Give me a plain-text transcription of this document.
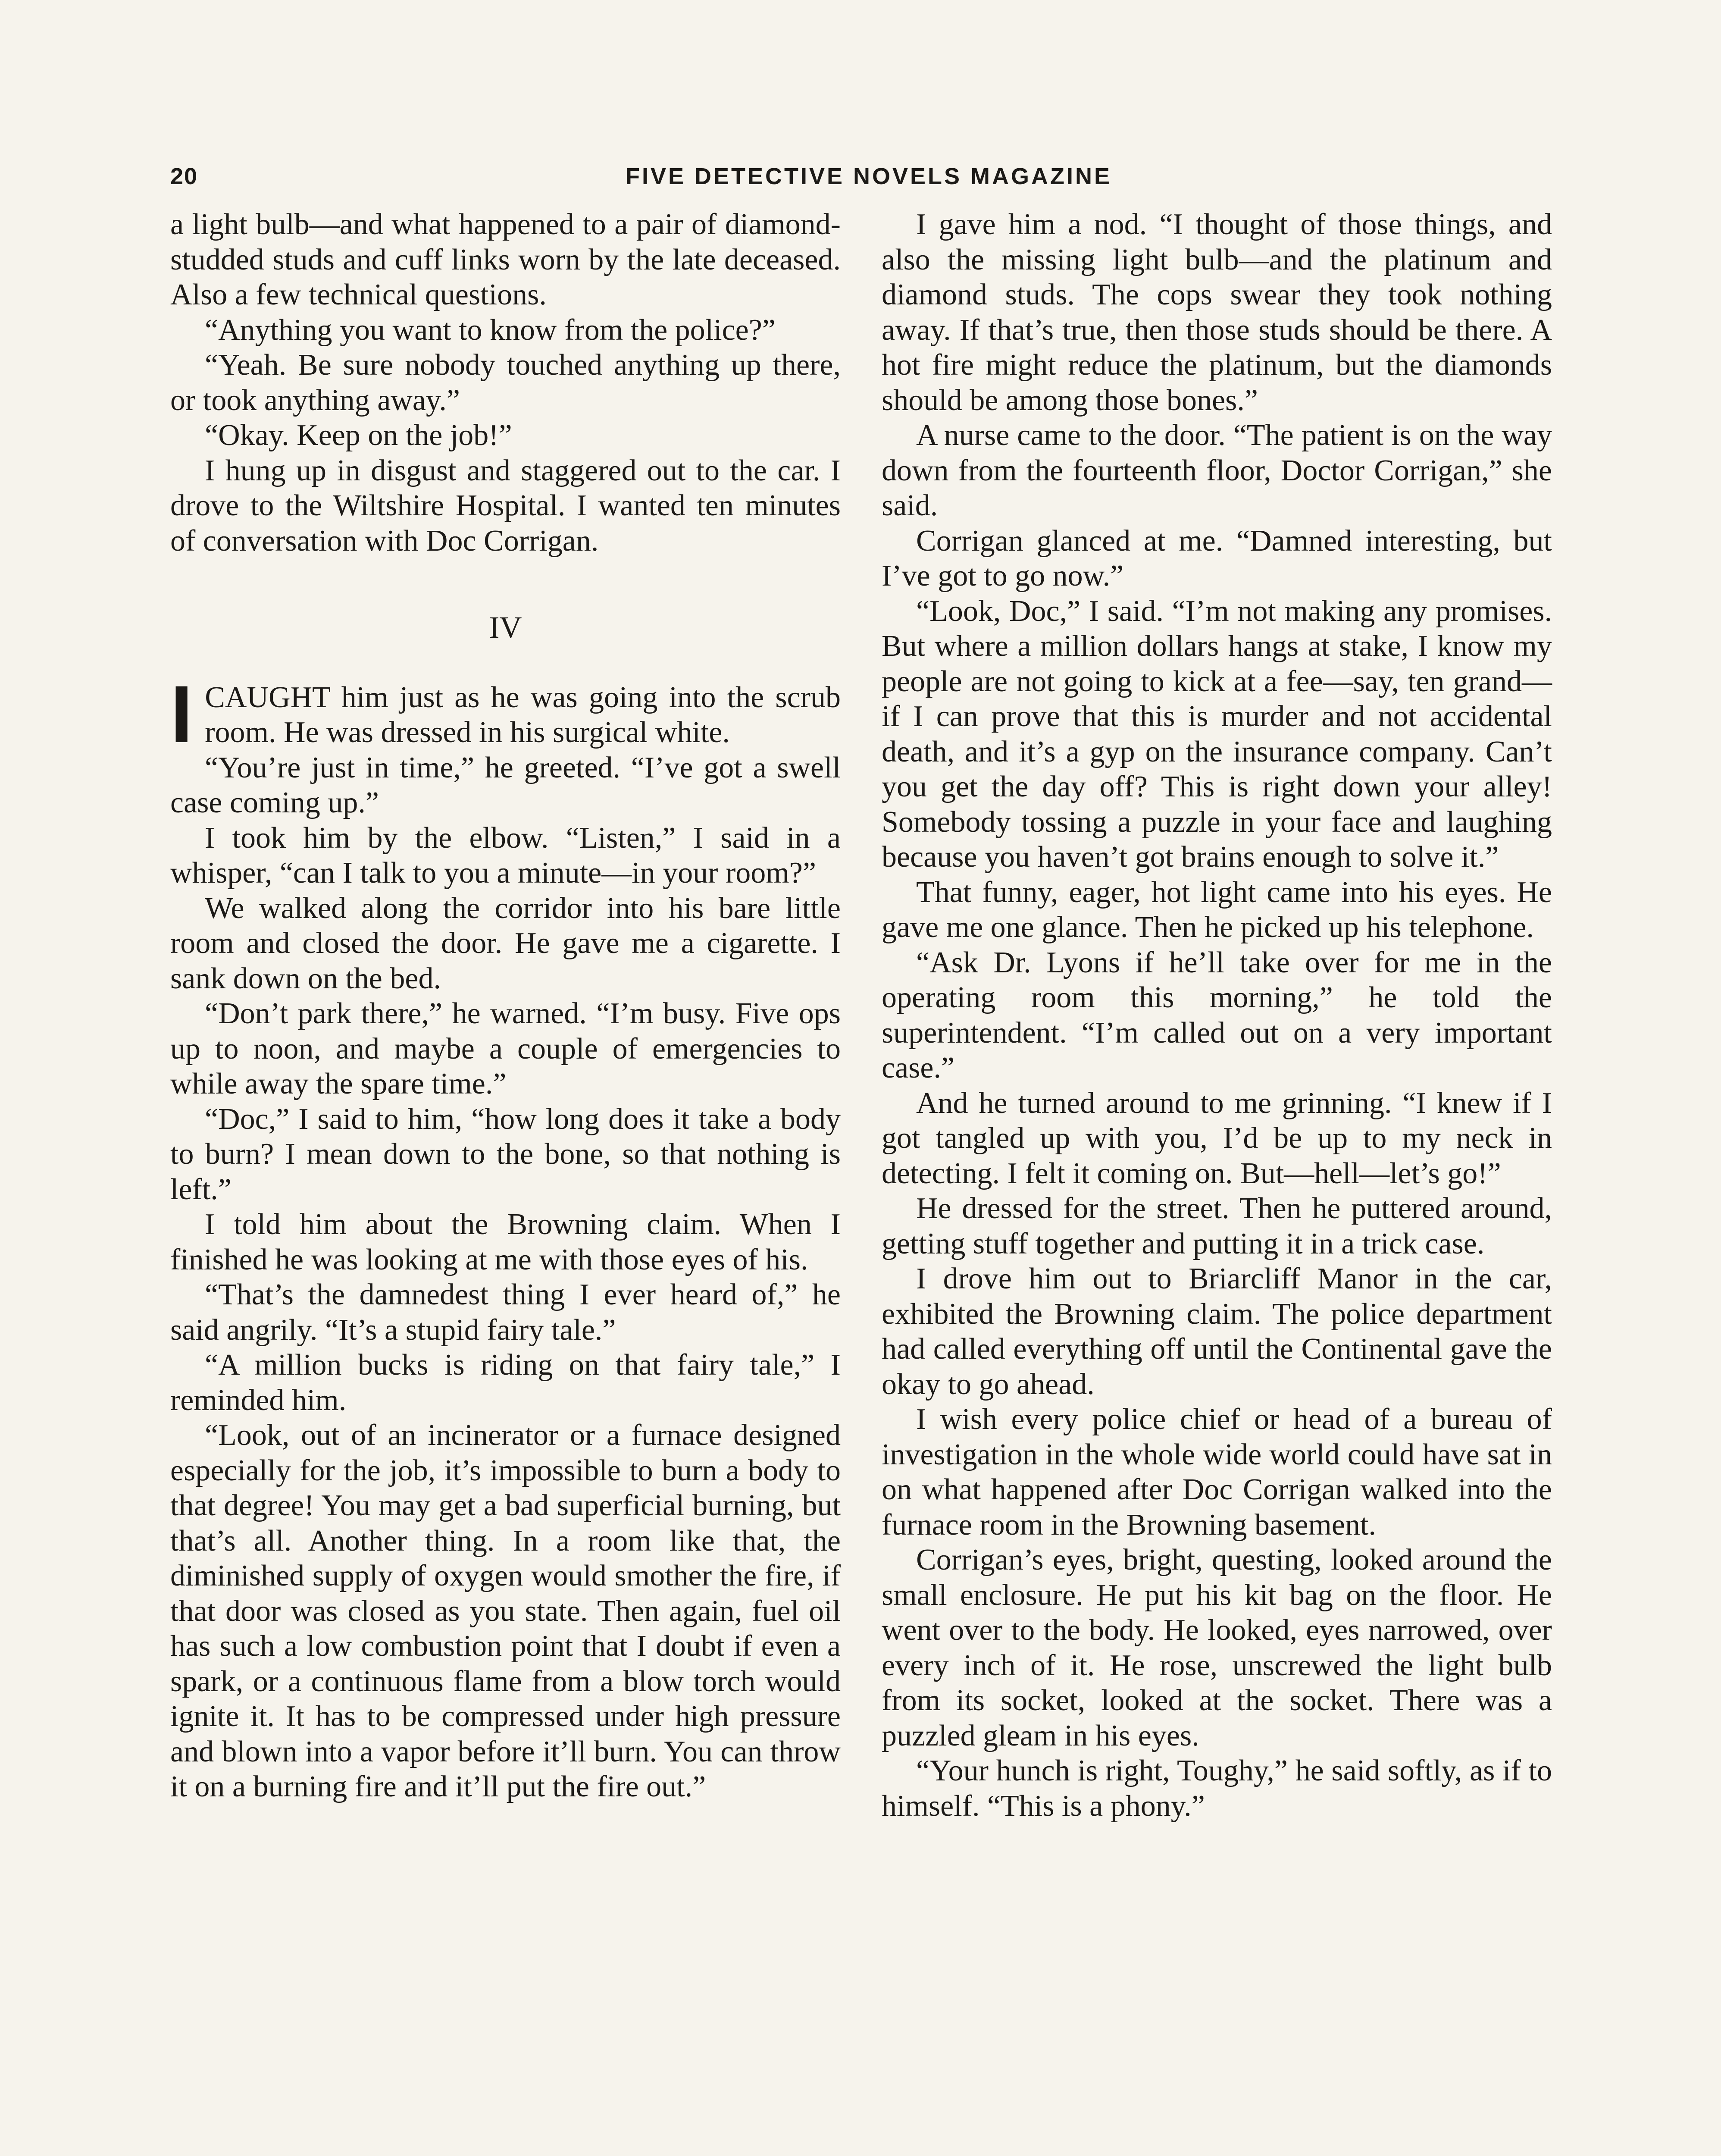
20	FIVE DETECTIVE NOVELS MAGAZINE

a light bulb—and what happened to a pair of diamond-studded studs and cuff links worn by the late deceased. Also a few technical questions.

“Anything you want to know from the police?”

“Yeah. Be sure nobody touched anything up there, or took anything away.”

“Okay. Keep on the job!”

I hung up in disgust and staggered out to the car. I drove to the Wiltshire Hospital. I wanted ten minutes of conversation with Doc Corrigan.

IV

ICAUGHT him just as he was going into the scrub room. He was dressed in his surgical white.

“You’re just in time,” he greeted. “I’ve got a swell case coming up.”

I took him by the elbow. “Listen,” I said in a whisper, “can I talk to you a minute—in your room?”

We walked along the corridor into his bare little room and closed the door. He gave me a cigarette. I sank down on the bed.

“Don’t park there,” he warned. “I’m busy. Five ops up to noon, and maybe a couple of emergencies to while away the spare time.”

“Doc,” I said to him, “how long does it take a body to burn? I mean down to the bone, so that nothing is left.”

I told him about the Browning claim. When I finished he was looking at me with those eyes of his.

“That’s the damnedest thing I ever heard of,” he said angrily. “It’s a stupid fairy tale.”

“A million bucks is riding on that fairy tale,” I reminded him.

“Look, out of an incinerator or a furnace designed especially for the job, it’s impossible to burn a body to that degree! You may get a bad superficial burning, but that’s all. Another thing. In a room like that, the diminished supply of oxygen would smother the fire, if that door was closed as you state. Then again, fuel oil has such a low combustion point that I doubt if even a spark, or a continuous flame from a blow torch would ignite it. It has to be compressed under high pressure and blown into a vapor before it’ll burn. You can throw it on a burning fire and it’ll put the fire out.”

I gave him a nod. “I thought of those things, and also the missing light bulb—and the platinum and diamond studs. The cops swear they took nothing away. If that’s true, then those studs should be there. A hot fire might reduce the platinum, but the diamonds should be among those bones.”

A nurse came to the door. “The patient is on the way down from the fourteenth floor, Doctor Corrigan,” she said.

Corrigan glanced at me. “Damned interesting, but I’ve got to go now.”

“Look, Doc,” I said. “I’m not making any promises. But where a million dollars hangs at stake, I know my people are not going to kick at a fee—say, ten grand—if I can prove that this is murder and not accidental death, and it’s a gyp on the insurance company. Can’t you get the day off? This is right down your alley! Somebody tossing a puzzle in your face and laughing because you haven’t got brains enough to solve it.”

That funny, eager, hot light came into his eyes. He gave me one glance. Then he picked up his telephone.

“Ask Dr. Lyons if he’ll take over for me in the operating room this morning,” he told the superintendent. “I’m called out on a very important case.”

And he turned around to me grinning. “I knew if I got tangled up with you, I’d be up to my neck in detecting. I felt it coming on. But—hell—let’s go!”

He dressed for the street. Then he puttered around, getting stuff together and putting it in a trick case.

I drove him out to Briarcliff Manor in the car, exhibited the Browning claim. The police department had called everything off until the Continental gave the okay to go ahead.

I wish every police chief or head of a bureau of investigation in the whole wide world could have sat in on what happened after Doc Corrigan walked into the furnace room in the Browning basement.

Corrigan’s eyes, bright, questing, looked around the small enclosure. He put his kit bag on the floor. He went over to the body. He looked, eyes narrowed, over every inch of it. He rose, unscrewed the light bulb from its socket, looked at the socket. There was a puzzled gleam in his eyes.

“Your hunch is right, Toughy,” he said softly, as if to himself. “This is a phony.”
